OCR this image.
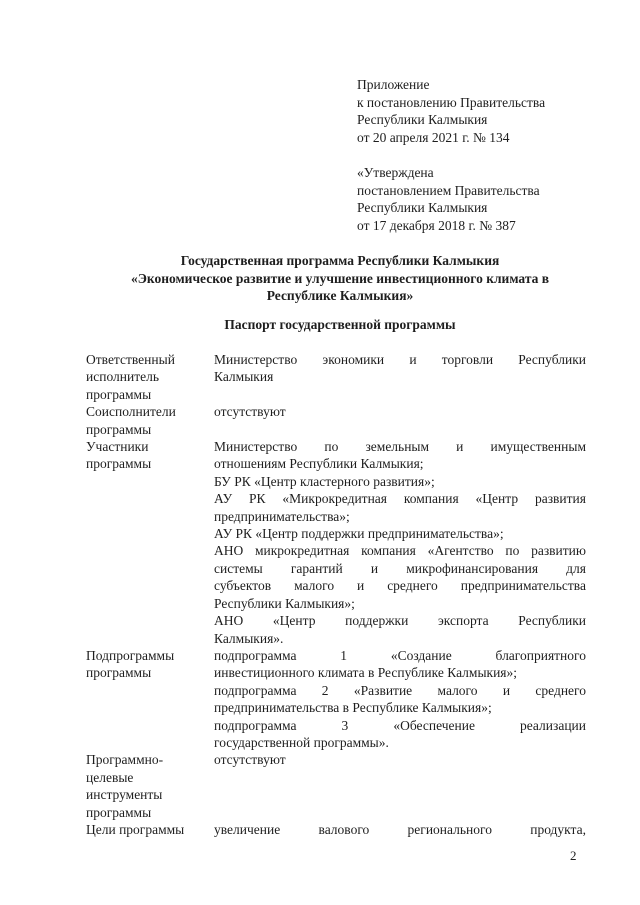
Приложение
к постановлению Правительства
Республики Калмыкия
от 20 апреля 2021 г. № 134
«Утверждена
постановлением Правительства
Республики Калмыкия
от 17 декабря 2018 г. № 387
Государственная программа Республики Калмыкия
«Экономическое развитие и улучшение инвестиционного климата в
Республике Калмыкия»
Паспорт государственной программы
Ответственный
исполнитель
программы
Министерство экономики и торговли Республики
Калмыкия
Соисполнители
программы
отсутствуют
Участники
программы
Министерство по земельным и имущественным
отношениям Республики Калмыкия;
БУ РК «Центр кластерного развития»;
АУ РК «Микрокредитная компания «Центр развития
предпринимательства»;
АУ РК «Центр поддержки предпринимательства»;
АНО микрокредитная компания «Агентство по развитию
системы гарантий и микрофинансирования для
субъектов малого и среднего предпринимательства
Республики Калмыкия»;
АНО «Центр поддержки экспорта Республики
Калмыкия».
Подпрограммы
программы
подпрограмма 1 «Создание благоприятного
инвестиционного климата в Республике Калмыкия»;
подпрограмма 2 «Развитие малого и среднего
предпринимательства в Республике Калмыкия»;
подпрограмма 3 «Обеспечение реализации
государственной программы».
Программно-
целевые
инструменты
программы
отсутствуют
Цели программы	увеличение валового регионального продукта,
2
